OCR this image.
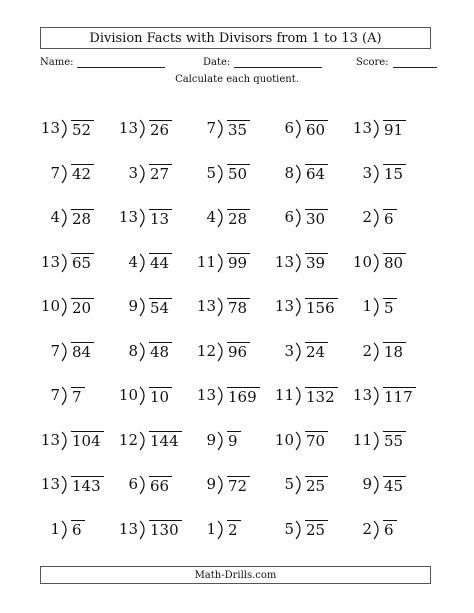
Division Facts with Divisors from 1 to 13 (A)
Name:	Date:	Score:
Calculate each quotient.
13 52	13 26	7 35	6 60	13 91
7 42	3 27	5 50	8 64	3 15
4 28	13 13	4 28	6 30	2 6
13 65	4 44	11 99	13 39	10 80
10 20	9 54	13 78	13 156	1 5
7 84	8 48	12 96	3 24	2 18
7 7	10 10	13 169	11 132	13 117
13 104	12 144	9 9	10 70	11 55
13 143	6 66	9 72	5 25	9 45
1 6	13 130	1 2	5 25	2 6
Math-Drills.com
